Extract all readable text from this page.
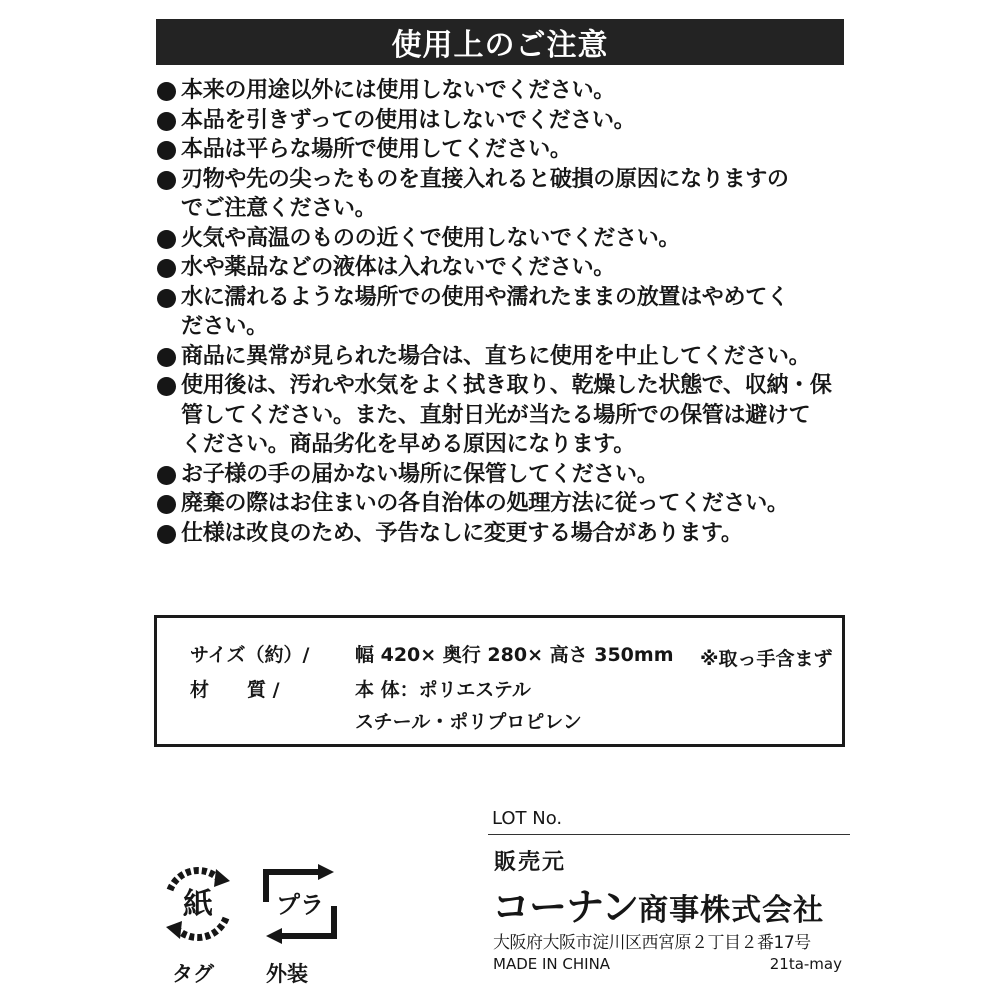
使用上のご注意
本来の用途以外には使用しないでください。
本品を引きずっての使用はしないでください。
本品は平らな場所で使用してください。
刃物や先の尖ったものを直接入れると破損の原因になりますの
でご注意ください。
火気や高温のものの近くで使用しないでください。
水や薬品などの液体は入れないでください。
水に濡れるような場所での使用や濡れたままの放置はやめてく
ださい。
商品に異常が見られた場合は、直ちに使用を中止してください。
使用後は、汚れや水気をよく拭き取り、乾燥した状態で、収納・保
管してください。また、直射日光が当たる場所での保管は避けて
ください。商品劣化を早める原因になります。
お子様の手の届かない場所に保管してください。
廃棄の際はお住まいの各自治体の処理方法に従ってください。
仕様は改良のため、予告なしに変更する場合があります。
サイズ（約）/ 幅 420× 奥行 280× 高さ 350mm ※取っ手含まず
材　　質 /	本 体：ポリエステル
スチール・ポリプロピレン
LOT No.
販売元
コーナン商事株式会社
大阪府大阪市淀川区西宮原２丁目２番17号
MADE IN CHINA	21ta-may
紙	プラ
タグ 外装
